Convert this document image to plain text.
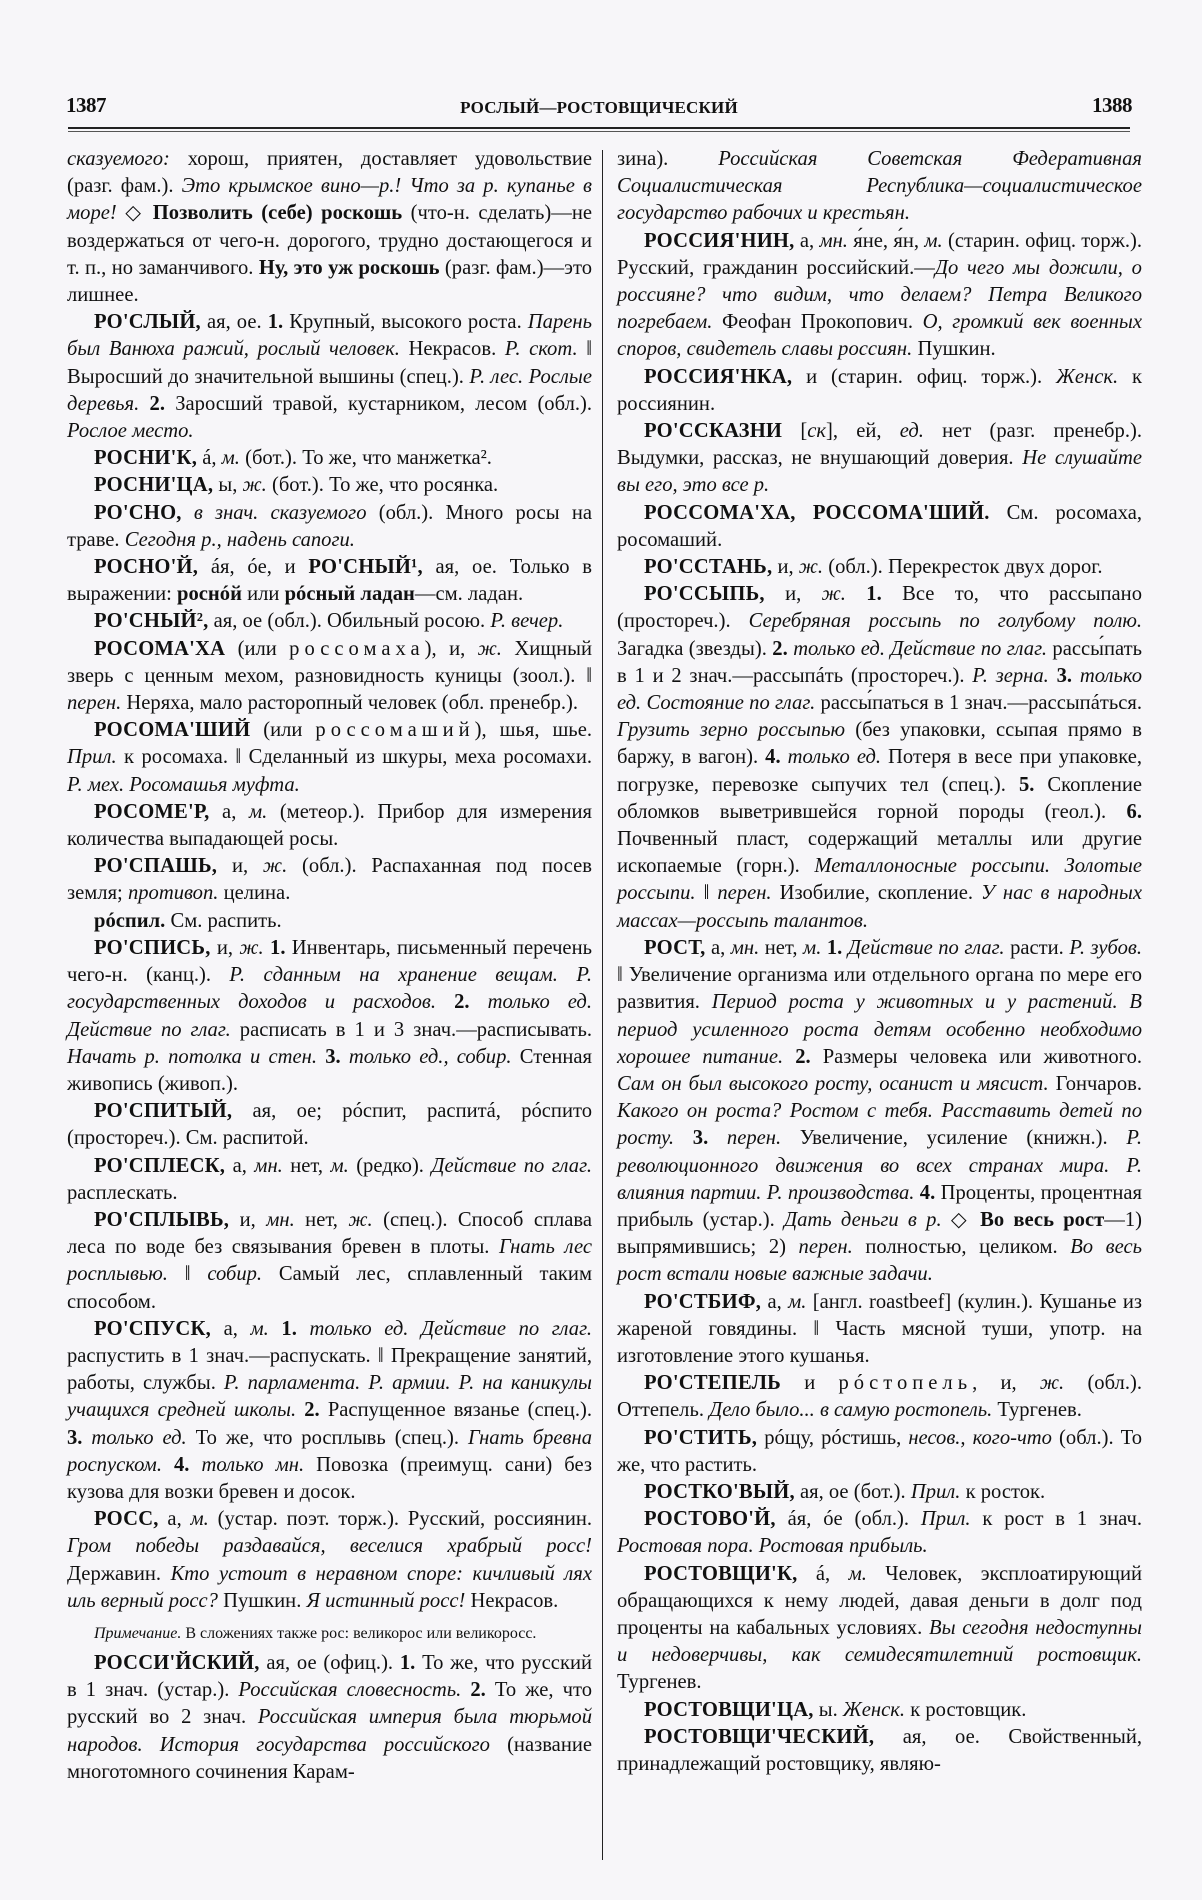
1387	РОСЛЫЙ—РОСТОВЩИЧЕСКИЙ	1388

сказуемого: хорош, приятен, доставляет удовольствие (разг. фам.). Это крымское вино—р.! Что за р. купанье в море! ◇ Позволить (себе) роскошь (что-н. сделать)—не воздержаться от чего-н. дорогого, трудно достающегося и т. п., но заманчивого. Ну, это уж роскошь (разг. фам.)—это лишнее.

РО'СЛЫЙ, ая, ое. 1. Крупный, высокого роста. Парень был Ванюха ражий, рослый человек. Некрасов. Р. скот. ‖ Выросший до значительной вышины (спец.). Р. лес. Рослые деревья. 2. Заросший травой, кустарником, лесом (обл.). Рослое место.

РОСНИ'К, á, м. (бот.). То же, что манжетка².

РОСНИ'ЦА, ы, ж. (бот.). То же, что росянка.

РО'СНО, в знач. сказуемого (обл.). Много росы на траве. Сегодня р., надень сапоги.

РОСНО'Й, áя, óе, и РО'СНЫЙ¹, ая, ое. Только в выражении: роснóй или рóсный ладан—см. ладан.

РО'СНЫЙ², ая, ое (обл.). Обильный росою. Р. вечер.

РОСОМА'ХА (или россомаха), и, ж. Хищный зверь с ценным мехом, разновидность куницы (зоол.). ‖ перен. Неряха, мало расторопный человек (обл. пренебр.).

РОСОМА'ШИЙ (или россомаший), шья, шье. Прил. к росомаха. ‖ Сделанный из шкуры, меха росомахи. Р. мех. Росомашья муфта.

РОСОМЕ'Р, а, м. (метеор.). Прибор для измерения количества выпадающей росы.

РО'СПАШЬ, и, ж. (обл.). Распаханная под посев земля; противоп. целина.

рóспил. См. распить.

РО'СПИСЬ, и, ж. 1. Инвентарь, письменный перечень чего-н. (канц.). Р. сданным на хранение вещам. Р. государственных доходов и расходов. 2. только ед. Действие по глаг. расписать в 1 и 3 знач.—расписывать. Начать р. потолка и стен. 3. только ед., собир. Стенная живопись (живоп.).

РО'СПИТЫЙ, ая, ое; рóспит, распитá, рóспито (простореч.). См. распитой.

РО'СПЛЕСК, а, мн. нет, м. (редко). Действие по глаг. расплескать.

РО'СПЛЫВЬ, и, мн. нет, ж. (спец.). Способ сплава леса по воде без связывания бревен в плоты. Гнать лес росплывью. ‖ собир. Самый лес, сплавленный таким способом.

РО'СПУСК, а, м. 1. только ед. Действие по глаг. распустить в 1 знач.—распускать. ‖ Прекращение занятий, работы, службы. Р. парламента. Р. армии. Р. на каникулы учащихся средней школы. 2. Распущенное вязанье (спец.). 3. только ед. То же, что росплывь (спец.). Гнать бревна роспуском. 4. только мн. Повозка (преимущ. сани) без кузова для возки бревен и досок.

РОСС, а, м. (устар. поэт. торж.). Русский, россиянин. Гром победы раздавайся, веселися храбрый росс! Державин. Кто устоит в неравном споре: кичливый лях иль верный росс? Пушкин. Я истинный росс! Некрасов.

Примечание. В сложениях также рос: великорос или великоросс.

РОССИ'ЙСКИЙ, ая, ое (офиц.). 1. То же, что русский в 1 знач. (устар.). Российская словесность. 2. То же, что русский во 2 знач. Российская империя была тюрьмой народов. История государства российского (название многотомного сочинения Карам-

зина). Российская Советская Федеративная Социалистическая Республика—социалистическое государство рабочих и крестьян.

РОССИЯ'НИН, а, мн. я́не, я́н, м. (старин. офиц. торж.). Русский, гражданин российский.—До чего мы дожили, о россияне? что видим, что делаем? Петра Великого погребаем. Феофан Прокопович. О, громкий век военных споров, свидетель славы россиян. Пушкин.

РОССИЯ'НКА, и (старин. офиц. торж.). Женск. к россиянин.

РО'ССКАЗНИ [ск], ей, ед. нет (разг. пренебр.). Выдумки, рассказ, не внушающий доверия. Не слушайте вы его, это все р.

РОССОМА'ХА, РОССОМА'ШИЙ. См. росомаха, росомаший.

РО'ССТАНЬ, и, ж. (обл.). Перекресток двух дорог.

РО'ССЫПЬ, и, ж. 1. Все то, что рассыпано (простореч.). Серебряная россыпь по голубому полю. Загадка (звезды). 2. только ед. Действие по глаг. рассы́пать в 1 и 2 знач.—рассыпáть (простореч.). Р. зерна. 3. только ед. Состояние по глаг. рассы́паться в 1 знач.—рассыпáться. Грузить зерно россыпью (без упаковки, ссыпая прямо в баржу, в вагон). 4. только ед. Потеря в весе при упаковке, погрузке, перевозке сыпучих тел (спец.). 5. Скопление обломков выветрившейся горной породы (геол.). 6. Почвенный пласт, содержащий металлы или другие ископаемые (горн.). Металлоносные россыпи. Золотые россыпи. ‖ перен. Изобилие, скопление. У нас в народных массах—россыпь талантов.

РОСТ, а, мн. нет, м. 1. Действие по глаг. расти. Р. зубов. ‖ Увеличение организма или отдельного органа по мере его развития. Период роста у животных и у растений. В период усиленного роста детям особенно необходимо хорошее питание. 2. Размеры человека или животного. Сам он был высокого росту, осанист и мясист. Гончаров. Какого он роста? Ростом с тебя. Расставить детей по росту. 3. перен. Увеличение, усиление (книжн.). Р. революционного движения во всех странах мира. Р. влияния партии. Р. производства. 4. Проценты, процентная прибыль (устар.). Дать деньги в р. ◇ Во весь рост—1) выпрямившись; 2) перен. полностью, целиком. Во весь рост встали новые важные задачи.

РО'СТБИФ, а, м. [англ. roastbeef] (кулин.). Кушанье из жареной говядины. ‖ Часть мясной туши, употр. на изготовление этого кушанья.

РО'СТЕПЕЛЬ и рóстопель, и, ж. (обл.). Оттепель. Дело было... в самую ростопель. Тургенев.

РО'СТИТЬ, рóщу, рóстишь, несов., кого-что (обл.). То же, что растить.

РОСТКО'ВЫЙ, ая, ое (бот.). Прил. к росток.

РОСТОВО'Й, áя, óе (обл.). Прил. к рост в 1 знач. Ростовая пора. Ростовая прибыль.

РОСТОВЩИ'К, á, м. Человек, эксплоатирующий обращающихся к нему людей, давая деньги в долг под проценты на кабальных условиях. Вы сегодня недоступны и недоверчивы, как семидесятилетний ростовщик. Тургенев.

РОСТОВЩИ'ЦА, ы. Женск. к ростовщик.

РОСТОВЩИ'ЧЕСКИЙ, ая, ое. Свойственный, принадлежащий ростовщику, являю-
